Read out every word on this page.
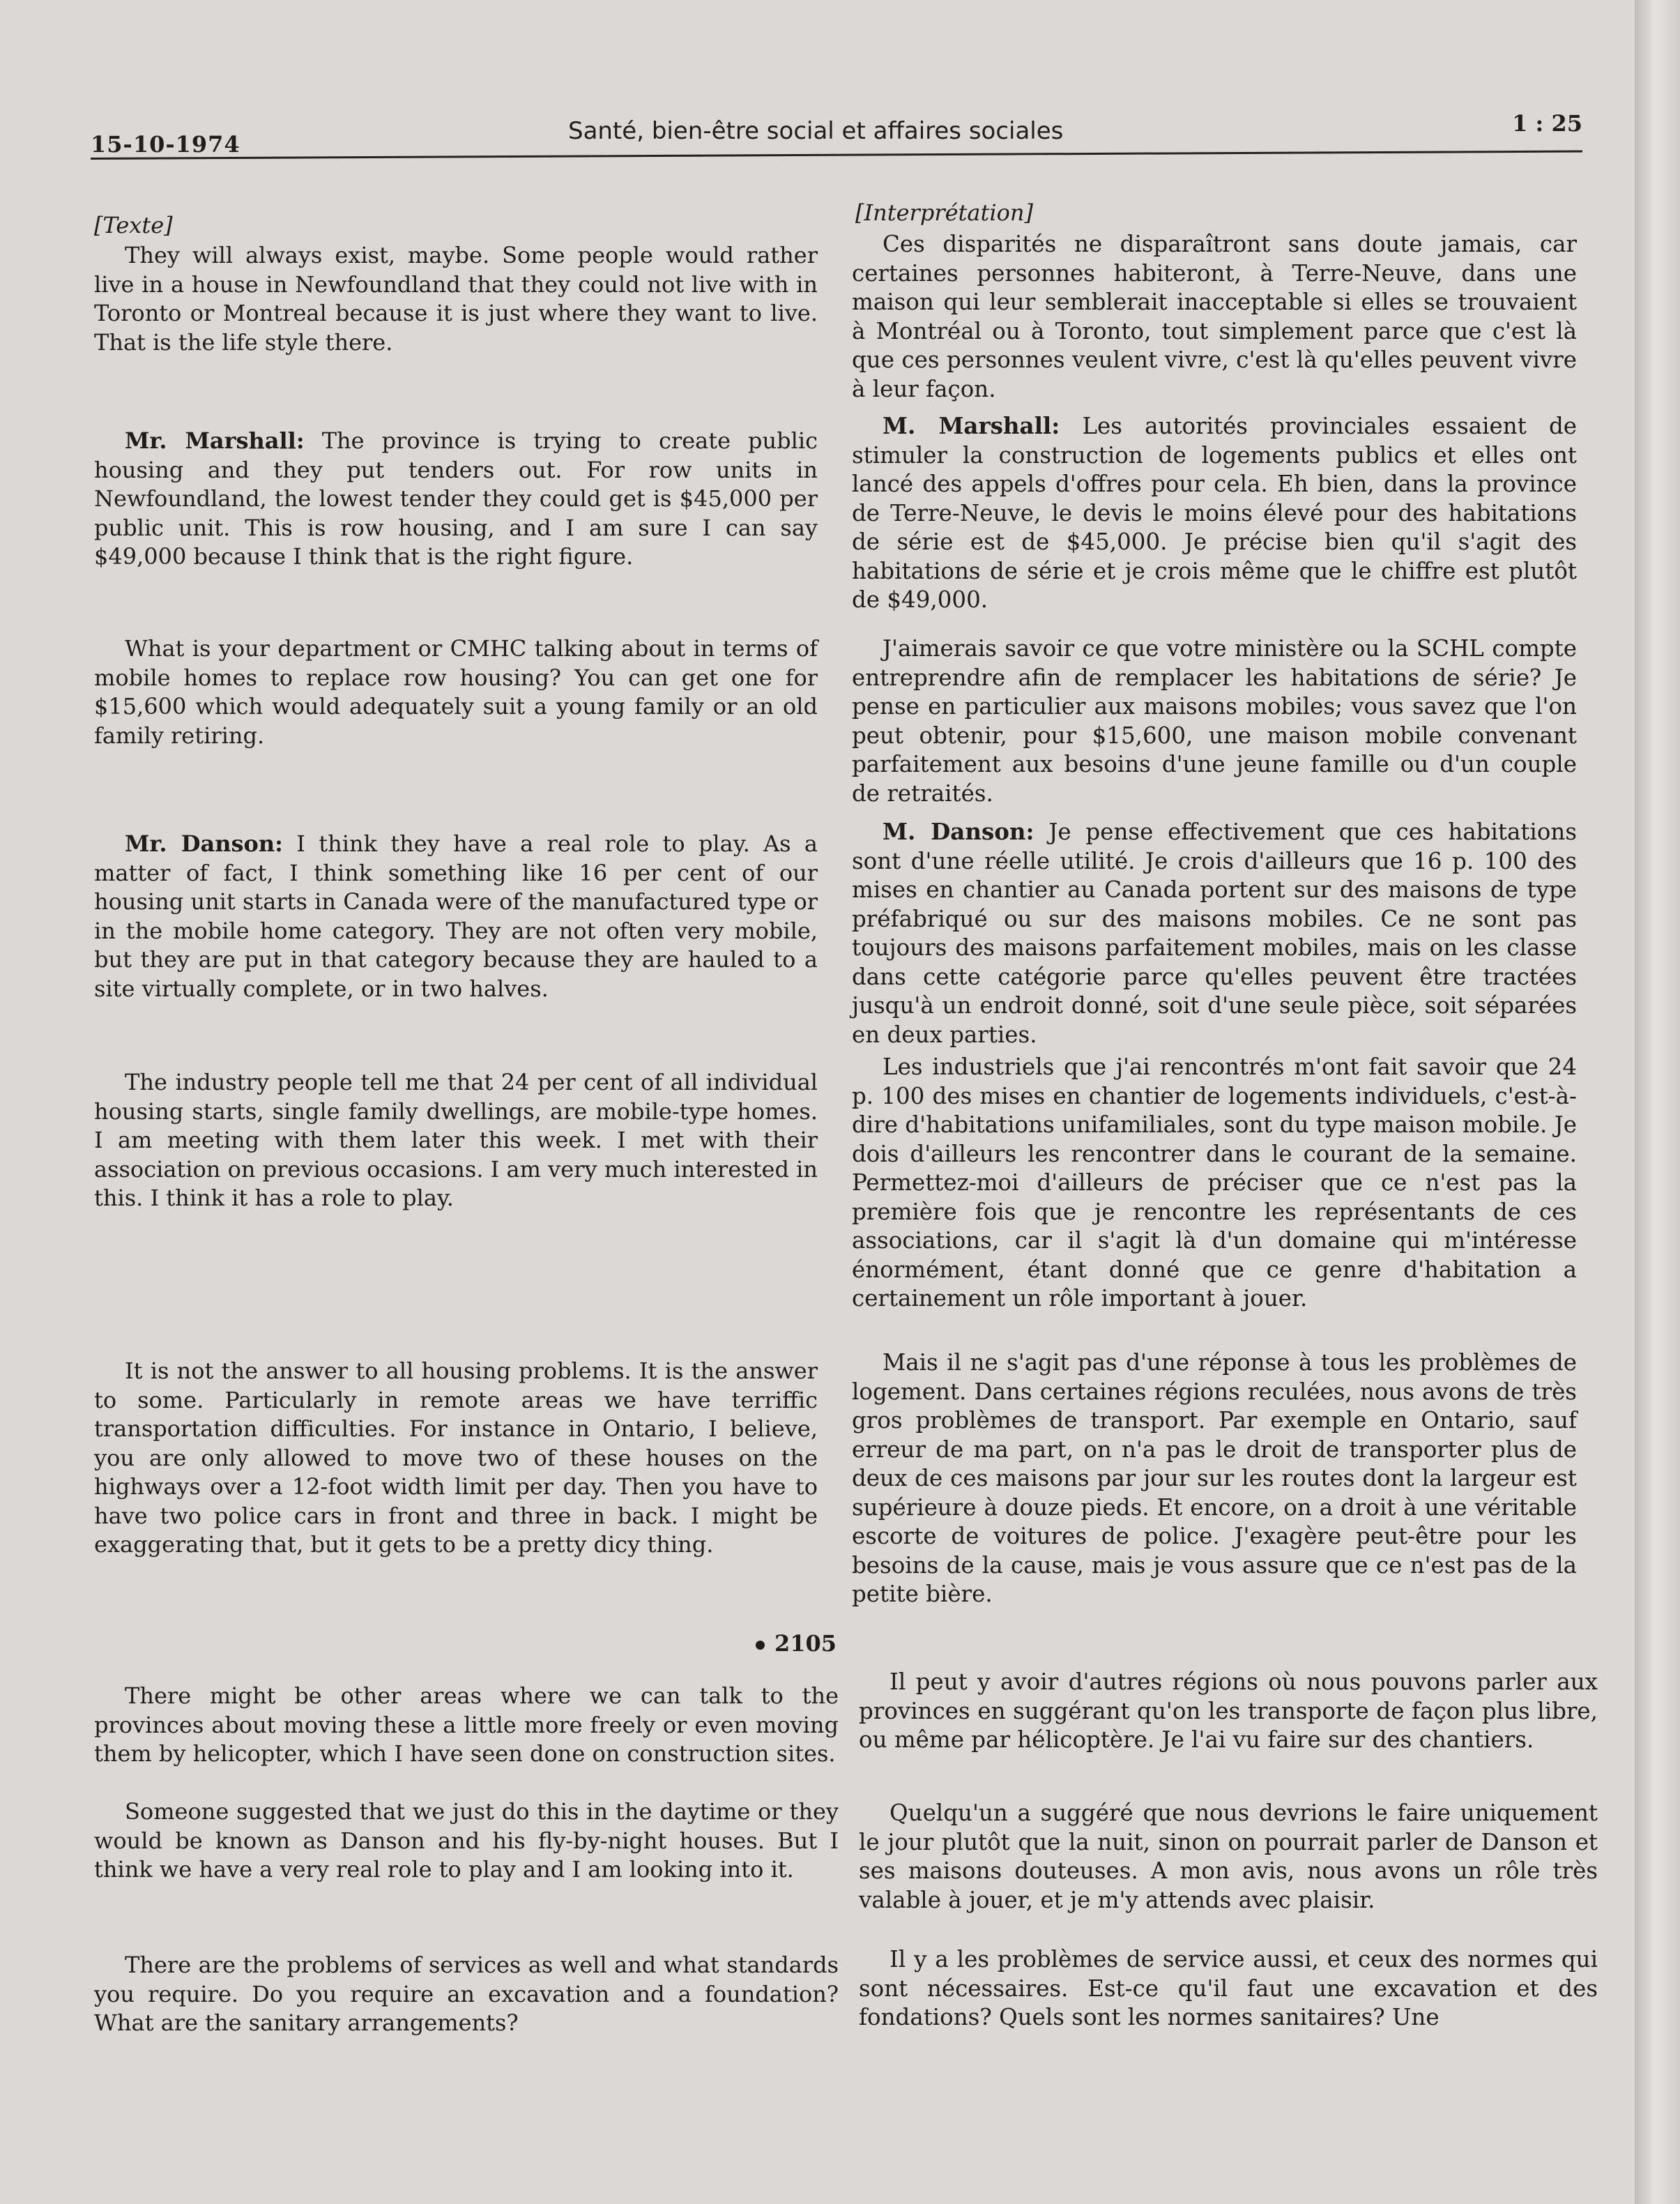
15-10-1974	Santé, bien-être social et affaires sociales	1 : 25
[Texte]

They will always exist, maybe. Some people would rather live in a house in Newfoundland that they could not live with in Toronto or Montreal because it is just where they want to live. That is the life style there.

Mr. Marshall: The province is trying to create public housing and they put tenders out. For row units in Newfoundland, the lowest tender they could get is $45,000 per public unit. This is row housing, and I am sure I can say $49,000 because I think that is the right figure.

What is your department or CMHC talking about in terms of mobile homes to replace row housing? You can get one for $15,600 which would adequately suit a young family or an old family retiring.

Mr. Danson: I think they have a real role to play. As a matter of fact, I think something like 16 per cent of our housing unit starts in Canada were of the manufactured type or in the mobile home category. They are not often very mobile, but they are put in that category because they are hauled to a site virtually complete, or in two halves.

The industry people tell me that 24 per cent of all individual housing starts, single family dwellings, are mobile-type homes. I am meeting with them later this week. I met with their association on previous occasions. I am very much interested in this. I think it has a role to play.

It is not the answer to all housing problems. It is the answer to some. Particularly in remote areas we have terriffic transportation difficulties. For instance in Ontario, I believe, you are only allowed to move two of these houses on the highways over a 12-foot width limit per day. Then you have to have two police cars in front and three in back. I might be exaggerating that, but it gets to be a pretty dicy thing.

There might be other areas where we can talk to the provinces about moving these a little more freely or even moving them by helicopter, which I have seen done on construction sites.

Someone suggested that we just do this in the daytime or they would be known as Danson and his fly-by-night houses. But I think we have a very real role to play and I am looking into it.

There are the problems of services as well and what standards you require. Do you require an excavation and a foundation? What are the sanitary arrangements?

2105
[Interprétation]

Ces disparités ne disparaîtront sans doute jamais, car certaines personnes habiteront, à Terre-Neuve, dans une maison qui leur semblerait inacceptable si elles se trouvaient à Montréal ou à Toronto, tout simplement parce que c'est là que ces personnes veulent vivre, c'est là qu'elles peuvent vivre à leur façon.

M. Marshall: Les autorités provinciales essaient de stimuler la construction de logements publics et elles ont lancé des appels d'offres pour cela. Eh bien, dans la province de Terre-Neuve, le devis le moins élevé pour des habitations de série est de $45,000. Je précise bien qu'il s'agit des habitations de série et je crois même que le chiffre est plutôt de $49,000.

J'aimerais savoir ce que votre ministère ou la SCHL compte entreprendre afin de remplacer les habitations de série? Je pense en particulier aux maisons mobiles; vous savez que l'on peut obtenir, pour $15,600, une maison mobile convenant parfaitement aux besoins d'une jeune famille ou d'un couple de retraités.

M. Danson: Je pense effectivement que ces habitations sont d'une réelle utilité. Je crois d'ailleurs que 16 p. 100 des mises en chantier au Canada portent sur des maisons de type préfabriqué ou sur des maisons mobiles. Ce ne sont pas toujours des maisons parfaitement mobiles, mais on les classe dans cette catégorie parce qu'elles peuvent être tractées jusqu'à un endroit donné, soit d'une seule pièce, soit séparées en deux parties.

Les industriels que j'ai rencontrés m'ont fait savoir que 24 p. 100 des mises en chantier de logements individuels, c'est-à-dire d'habitations unifamiliales, sont du type maison mobile. Je dois d'ailleurs les rencontrer dans le courant de la semaine. Permettez-moi d'ailleurs de préciser que ce n'est pas la première fois que je rencontre les représentants de ces associations, car il s'agit là d'un domaine qui m'intéresse énormément, étant donné que ce genre d'habitation a certainement un rôle important à jouer.

Mais il ne s'agit pas d'une réponse à tous les problèmes de logement. Dans certaines régions reculées, nous avons de très gros problèmes de transport. Par exemple en Ontario, sauf erreur de ma part, on n'a pas le droit de transporter plus de deux de ces maisons par jour sur les routes dont la largeur est supérieure à douze pieds. Et encore, on a droit à une véritable escorte de voitures de police. J'exagère peut-être pour les besoins de la cause, mais je vous assure que ce n'est pas de la petite bière.

Il peut y avoir d'autres régions où nous pouvons parler aux provinces en suggérant qu'on les transporte de façon plus libre, ou même par hélicoptère. Je l'ai vu faire sur des chantiers.

Quelqu'un a suggéré que nous devrions le faire uniquement le jour plutôt que la nuit, sinon on pourrait parler de Danson et ses maisons douteuses. A mon avis, nous avons un rôle très valable à jouer, et je m'y attends avec plaisir.

Il y a les problèmes de service aussi, et ceux des normes qui sont nécessaires. Est-ce qu'il faut une excavation et des fondations? Quels sont les normes sanitaires? Une
